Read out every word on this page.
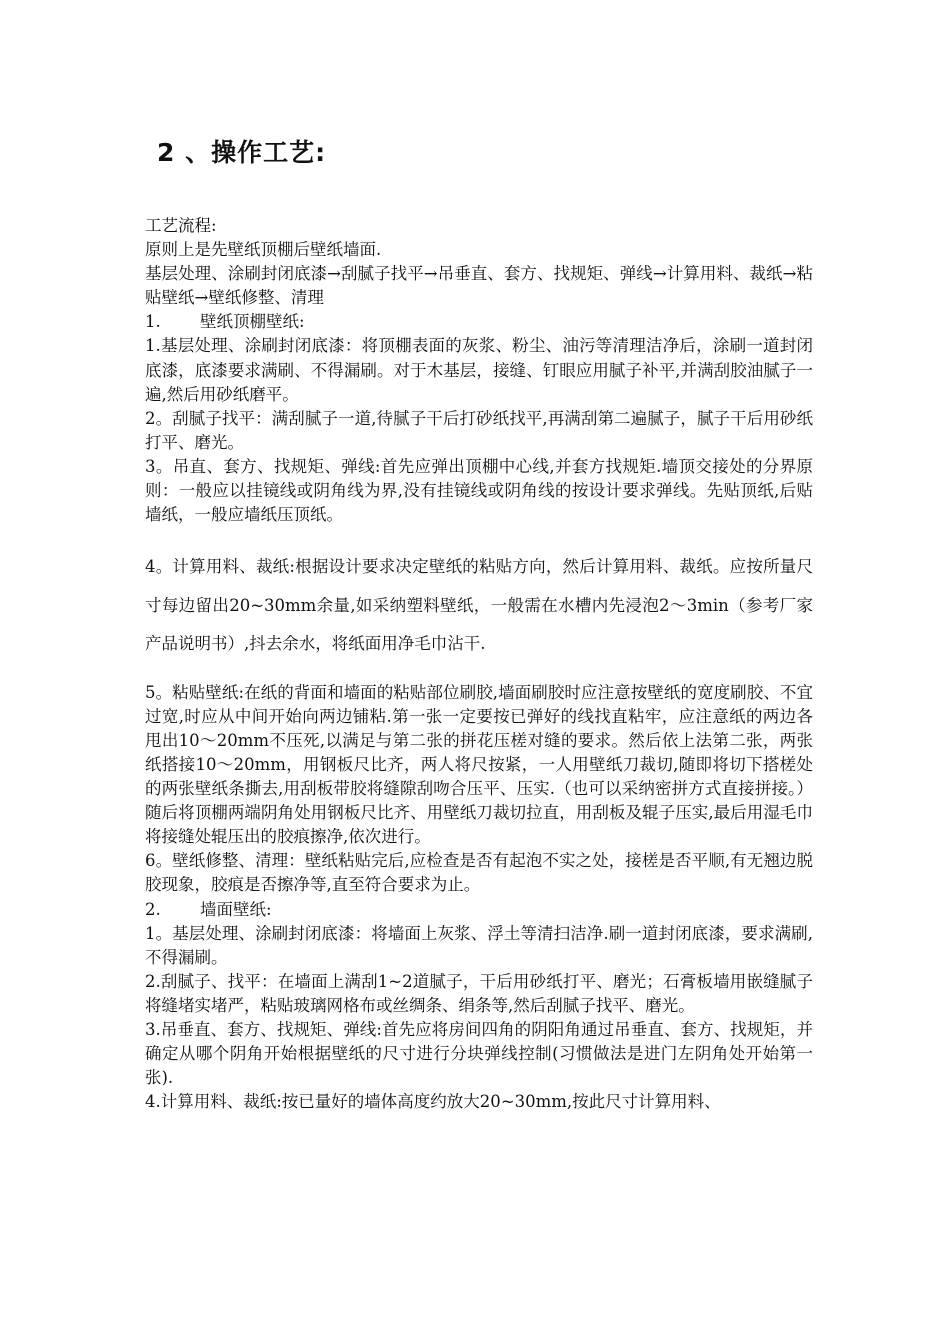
2 、操作工艺:

工艺流程:

原则上是先壁纸顶棚后壁纸墙面.

基层处理、涂刷封闭底漆→刮腻子找平→吊垂直、套方、找规矩、弹线→计算用料、裁纸→粘贴壁纸→壁纸修整、清理

1.	壁纸顶棚壁纸:

1.基层处理、涂刷封闭底漆：将顶棚表面的灰浆、粉尘、油污等清理洁净后，涂刷一道封闭底漆，底漆要求满刷、不得漏刷。对于木基层，接缝、钉眼应用腻子补平,并满刮胶油腻子一遍,然后用砂纸磨平。

2。刮腻子找平：满刮腻子一道,待腻子干后打砂纸找平,再满刮第二遍腻子，腻子干后用砂纸打平、磨光。

3。吊直、套方、找规矩、弹线:首先应弹出顶棚中心线,并套方找规矩.墙顶交接处的分界原则：一般应以挂镜线或阴角线为界,没有挂镜线或阴角线的按设计要求弹线。先贴顶纸,后贴墙纸，一般应墙纸压顶纸。

4。计算用料、裁纸:根据设计要求决定壁纸的粘贴方向，然后计算用料、裁纸。应按所量尺寸每边留出20~30mm余量,如采纳塑料壁纸，一般需在水槽内先浸泡2～3min（参考厂家产品说明书）,抖去余水，将纸面用净毛巾沾干.

5。粘贴壁纸:在纸的背面和墙面的粘贴部位刷胶,墙面刷胶时应注意按壁纸的宽度刷胶、不宜过宽,时应从中间开始向两边铺粘.第一张一定要按已弹好的线找直粘牢，应注意纸的两边各甩出10～20mm不压死,以满足与第二张的拼花压槎对缝的要求。然后依上法第二张，两张纸搭接10～20mm，用钢板尺比齐，两人将尺按紧，一人用壁纸刀裁切,随即将切下搭槎处的两张壁纸条撕去,用刮板带胶将缝隙刮吻合压平、压实.（也可以采纳密拼方式直接拼接。）随后将顶棚两端阴角处用钢板尺比齐、用壁纸刀裁切拉直，用刮板及辊子压实,最后用湿毛巾将接缝处辊压出的胶痕擦净,依次进行。

6。壁纸修整、清理：壁纸粘贴完后,应检查是否有起泡不实之处，接槎是否平顺,有无翘边脱胶现象，胶痕是否擦净等,直至符合要求为止。

2.	墙面壁纸:

1。基层处理、涂刷封闭底漆：将墙面上灰浆、浮土等清扫洁净.刷一道封闭底漆，要求满刷,不得漏刷。

2.刮腻子、找平：在墙面上满刮1~2道腻子，干后用砂纸打平、磨光；石膏板墙用嵌缝腻子将缝堵实堵严，粘贴玻璃网格布或丝绸条、绢条等,然后刮腻子找平、磨光。

3.吊垂直、套方、找规矩、弹线:首先应将房间四角的阴阳角通过吊垂直、套方、找规矩，并确定从哪个阴角开始根据壁纸的尺寸进行分块弹线控制(习惯做法是进门左阴角处开始第一张).

4.计算用料、裁纸:按已量好的墙体高度约放大20~30mm,按此尺寸计算用料、
